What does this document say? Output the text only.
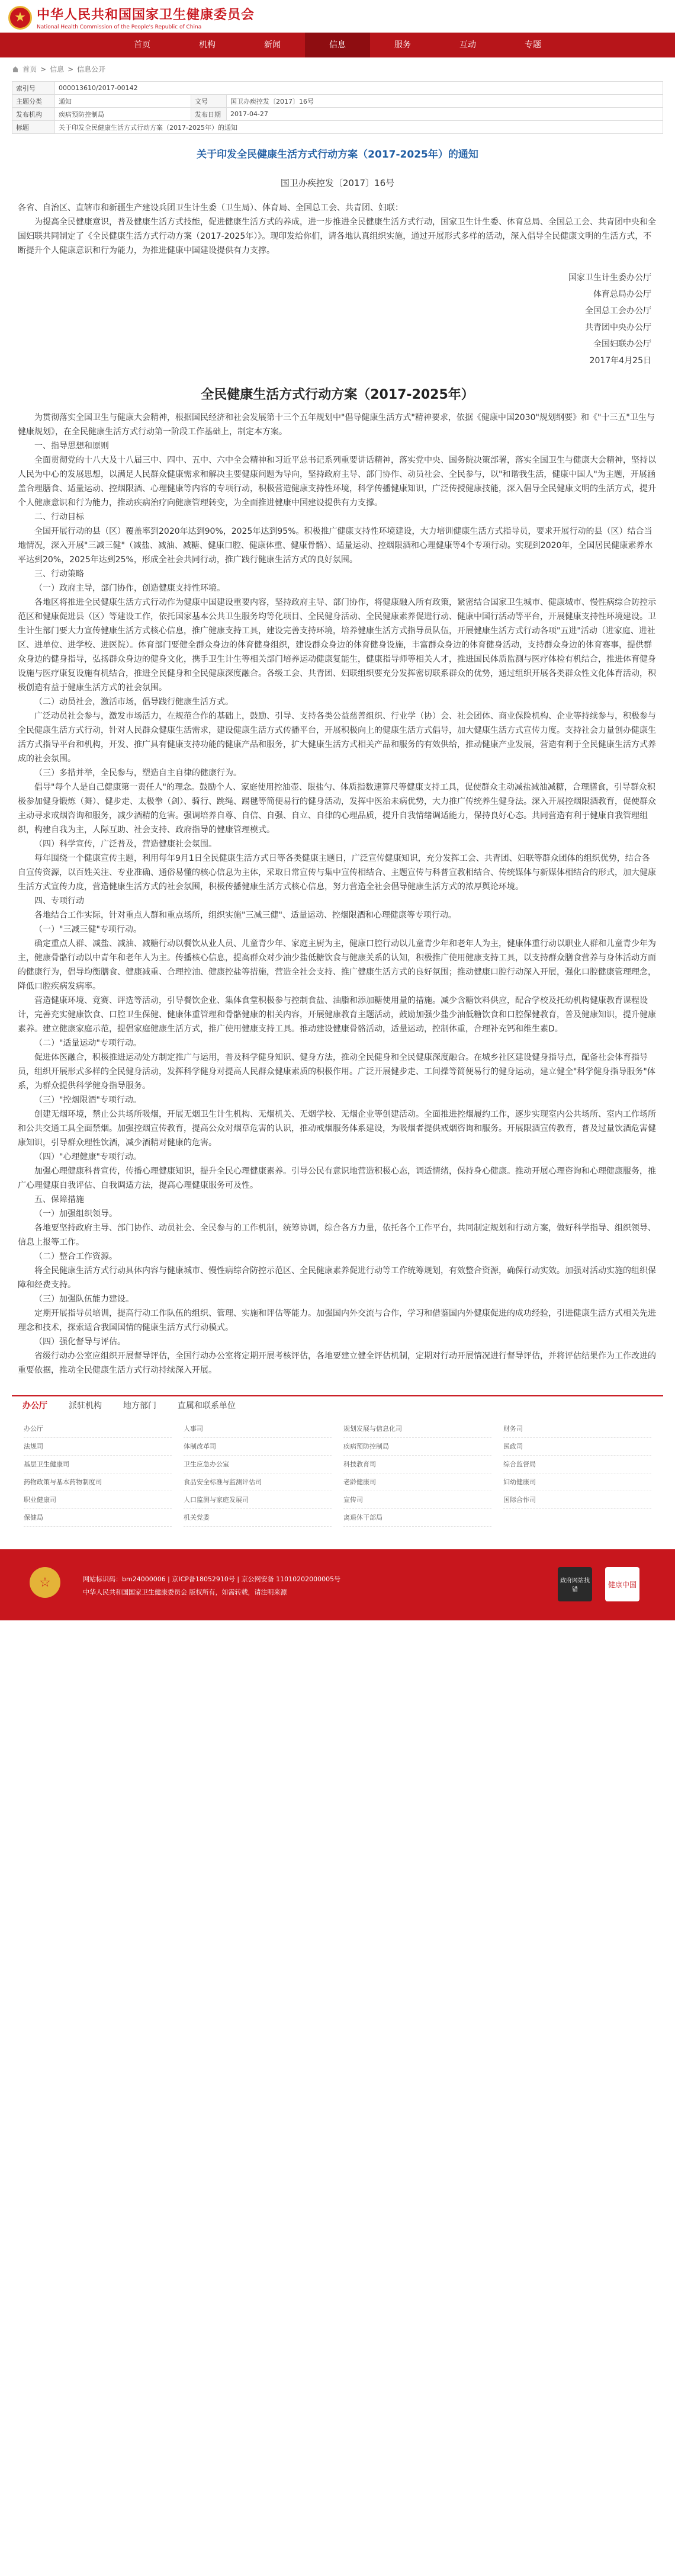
★ 中华人民共和国国家卫生健康委员会
National Health Commission of the People's Republic of China
首页	机构	新闻	信息	服务	互动	专题
首页 > 信息 > 信息公开
索引号	000013610/2017-00142		
主题分类	通知	文号	国卫办疾控发〔2017〕16号
发布机构	疾病预防控制局	发布日期	2017-04-27
标题	关于印发全民健康生活方式行动方案（2017-2025年）的通知		
关于印发全民健康生活方式行动方案（2017-2025年）的通知
国卫办疾控发〔2017〕16号

各省、自治区、直辖市和新疆生产建设兵团卫生计生委（卫生局）、体育局、全国总工会、共青团、妇联：

为提高全民健康意识，普及健康生活方式技能，促进健康生活方式的养成，进一步推进全民健康生活方式行动，国家卫生计生委、体育总局、全国总工会、共青团中央和全国妇联共同制定了《全民健康生活方式行动方案（2017-2025年）》。现印发给你们，请各地认真组织实施，通过开展形式多样的活动，深入倡导全民健康文明的生活方式，不断提升个人健康意识和行为能力，为推进健康中国建设提供有力支撑。

国家卫生计生委办公厅
体育总局办公厅
全国总工会办公厅
共青团中央办公厅
全国妇联办公厅
2017年4月25日
全民健康生活方式行动方案（2017-2025年）

为贯彻落实全国卫生与健康大会精神，根据国民经济和社会发展第十三个五年规划中"倡导健康生活方式"精神要求，依据《健康中国2030"规划纲要》和《"十三五"卫生与健康规划》，在全民健康生活方式行动第一阶段工作基础上，制定本方案。

一、指导思想和原则

全面贯彻党的十八大及十八届三中、四中、五中、六中全会精神和习近平总书记系列重要讲话精神，落实党中央、国务院决策部署，落实全国卫生与健康大会精神，坚持以人民为中心的发展思想，以满足人民群众健康需求和解决主要健康问题为导向，坚持政府主导、部门协作、动员社会、全民参与，以"和谐我生活，健康中国人"为主题，开展涵盖合理膳食、适量运动、控烟限酒、心理健康等内容的专项行动，积极营造健康支持性环境，科学传播健康知识，广泛传授健康技能，深入倡导全民健康文明的生活方式，提升个人健康意识和行为能力，推动疾病治疗向健康管理转变，为全面推进健康中国建设提供有力支撑。

二、行动目标

全国开展行动的县（区）覆盖率到2020年达到90%，2025年达到95%。积极推广健康支持性环境建设，大力培训健康生活方式指导员，要求开展行动的县（区）结合当地情况，深入开展"三减三健"（减盐、减油、减糖、健康口腔、健康体重、健康骨骼）、适量运动、控烟限酒和心理健康等4个专项行动。实现到2020年，全国居民健康素养水平达到20%，2025年达到25%，形成全社会共同行动，推广践行健康生活方式的良好氛围。

三、行动策略

（一）政府主导，部门协作，创造健康支持性环境。

各地区将推进全民健康生活方式行动作为健康中国建设重要内容，坚持政府主导、部门协作，将健康融入所有政策，紧密结合国家卫生城市、健康城市、慢性病综合防控示范区和健康促进县（区）等建设工作，依托国家基本公共卫生服务均等化项目、全民健身活动、全民健康素养促进行动、健康中国行活动等平台，开展健康支持性环境建设。卫生计生部门要大力宣传健康生活方式核心信息，推广健康支持工具，建设完善支持环境，培养健康生活方式指导员队伍，开展健康生活方式行动各项"五进"活动（进家庭、进社区、进单位、进学校、进医院）。体育部门要健全群众身边的体育健身组织，建设群众身边的体育健身设施，丰富群众身边的体育健身活动，支持群众身边的体育赛事，提供群众身边的健身指导，弘扬群众身边的健身文化，携手卫生计生等相关部门培养运动健康复能生，健康指导师等相关人才，推进国民体质监测与医疗体检有机结合，推进体育健身设施与医疗康复设施有机结合，推进全民健身和全民健康深度融合。各级工会、共青团、妇联组织要充分发挥密切联系群众的优势，通过组织开展各类群众性文化体育活动，积极创造有益于健康生活方式的社会氛围。

（二）动员社会，激活市场，倡导践行健康生活方式。

广泛动员社会参与，激发市场活力，在规范合作的基础上，鼓励、引导、支持各类公益慈善组织、行业学（协）会、社会团体、商业保险机构、企业等持续参与，积极参与全民健康生活方式行动，针对人民群众健康生活需求，建设健康生活方式传播平台，开展积极向上的健康生活方式倡导，加大健康生活方式宣传力度。支持社会力量创办健康生活方式指导平台和机构，开发、推广具有健康支持功能的健康产品和服务，扩大健康生活方式相关产品和服务的有效供给，推动健康产业发展，营造有利于全民健康生活方式养成的社会氛围。

（三）多措并举，全民参与，塑造自主自律的健康行为。

倡导"每个人是自己健康第一责任人"的理念。鼓励个人、家庭使用控油壶、限盐勺、体质指数速算尺等健康支持工具，促使群众主动减盐减油减糖，合理膳食，引导群众积极参加健身锻炼（舞）、健步走、太极拳（剑）、骑行、跳绳、踢毽等简便易行的健身活动，发挥中医治未病优势，大力推广传统养生健身法。深入开展控烟限酒教育，促使群众主动寻求戒烟咨询和服务，减少酒精的危害。强调培养自尊、自信、自强、自立、自律的心理品质，提升自我情绪调适能力，保持良好心态。共同营造有利于健康自我管理组织，构建自我为主，人际互助、社会支持、政府指导的健康管理模式。

（四）科学宣传，广泛普及，营造健康社会氛围。

每年围绕一个健康宣传主题，利用每年9月1日全民健康生活方式日等各类健康主题日，广泛宣传健康知识，充分发挥工会、共青团、妇联等群众团体的组织优势，结合各自宣传资源，以百姓关注、专业准确、通俗易懂的核心信息为主体，采取日常宣传与集中宣传相结合、主题宣传与科普宣教相结合、传统媒体与新媒体相结合的形式，加大健康生活方式宣传力度，营造健康生活方式的社会氛围，积极传播健康生活方式核心信息，努力营造全社会倡导健康生活方式的浓厚舆论环境。

四、专项行动

各地结合工作实际，针对重点人群和重点场所，组织实施"三减三健"、适量运动、控烟限酒和心理健康等专项行动。

（一）"三减三健"专项行动。

确定重点人群、减盐、减油、减糖行动以餐饮从业人员、儿童青少年、家庭主厨为主，健康口腔行动以儿童青少年和老年人为主，健康体重行动以职业人群和儿童青少年为主，健康骨骼行动以中青年和老年人为主。传播核心信息，提高群众对少油少盐低糖饮食与健康关系的认知，积极推广使用健康支持工具，以支持群众膳食营养与身体活动方面的健康行为，倡导均衡膳食、健康减重、合理控油、健康控盐等措施，营造全社会支持、推广健康生活方式的良好氛围；推动健康口腔行动深入开展，强化口腔健康管理理念，降低口腔疾病发病率。

营造健康环境、竞赛、评选等活动，引导餐饮企业、集体食堂积极参与控制食盐、油脂和添加糖使用量的措施。减少含糖饮料供应，配合学校及托幼机构健康教育课程设计，完善充实健康饮食、口腔卫生保健、健康体重管理和骨骼健康的相关内容，开展健康教育主题活动，鼓励加强少盐少油低糖饮食和口腔保健教育，普及健康知识，提升健康素养。建立健康家庭示范，提倡家庭健康生活方式，推广使用健康支持工具。推动建设健康骨骼活动，适量运动，控制体重，合理补充钙和维生素D。

（二）"适量运动"专项行动。

促进体医融合，积极推进运动处方制定推广与运用，普及科学健身知识、健身方法，推动全民健身和全民健康深度融合。在城乡社区建设健身指导点，配备社会体育指导员，组织开展形式多样的全民健身活动，发挥科学健身对提高人民群众健康素质的积极作用。广泛开展健步走、工间操等简便易行的健身运动，建立健全"科学健身指导服务"体系，为群众提供科学健身指导服务。

（三）"控烟限酒"专项行动。

创建无烟环境，禁止公共场所吸烟，开展无烟卫生计生机构、无烟机关、无烟学校、无烟企业等创建活动。全面推进控烟履约工作，逐步实现室内公共场所、室内工作场所和公共交通工具全面禁烟。加强控烟宣传教育，提高公众对烟草危害的认识，推动戒烟服务体系建设，为吸烟者提供戒烟咨询和服务。开展限酒宣传教育，普及过量饮酒危害健康知识，引导群众理性饮酒，减少酒精对健康的危害。

（四）"心理健康"专项行动。

加强心理健康科普宣传，传播心理健康知识，提升全民心理健康素养。引导公民有意识地营造积极心态，调适情绪，保持身心健康。推动开展心理咨询和心理健康服务，推广心理健康自我评估、自我调适方法，提高心理健康服务可及性。

五、保障措施

（一）加强组织领导。

各地要坚持政府主导、部门协作、动员社会、全民参与的工作机制，统筹协调，综合各方力量，依托各个工作平台，共同制定规划和行动方案，做好科学指导、组织领导、信息上报等工作。

（二）整合工作资源。

将全民健康生活方式行动具体内容与健康城市、慢性病综合防控示范区、全民健康素养促进行动等工作统筹规划，有效整合资源，确保行动实效。加强对活动实施的组织保障和经费支持。

（三）加强队伍能力建设。

定期开展指导员培训，提高行动工作队伍的组织、管理、实施和评估等能力。加强国内外交流与合作，学习和借鉴国内外健康促进的成功经验，引进健康生活方式相关先进理念和技术，探索适合我国国情的健康生活方式行动模式。

（四）强化督导与评估。

省级行动办公室应组织开展督导评估，全国行动办公室将定期开展考核评估，各地要建立健全评估机制，定期对行动开展情况进行督导评估，并将评估结果作为工作改进的重要依据，推动全民健康生活方式行动持续深入开展。

办公厅	派驻机构	地方部门	直属和联系单位
办公厅	人事司	规划发展与信息化司	财务司
法规司	体制改革司	疾病预防控制局	医政司
基层卫生健康司	卫生应急办公室	科技教育司	综合监督局
药物政策与基本药物制度司	食品安全标准与监测评估司	老龄健康司	妇幼健康司
职业健康司	人口监测与家庭发展司	宣传司	国际合作司
保健局	机关党委	离退休干部局
☆	网站标识码：bm24000006 | 京ICP备18052910号 | 京公网安备 11010202000005号
中华人民共和国国家卫生健康委员会 版权所有，如需转载，请注明来源
政府网站找错
健康中国
